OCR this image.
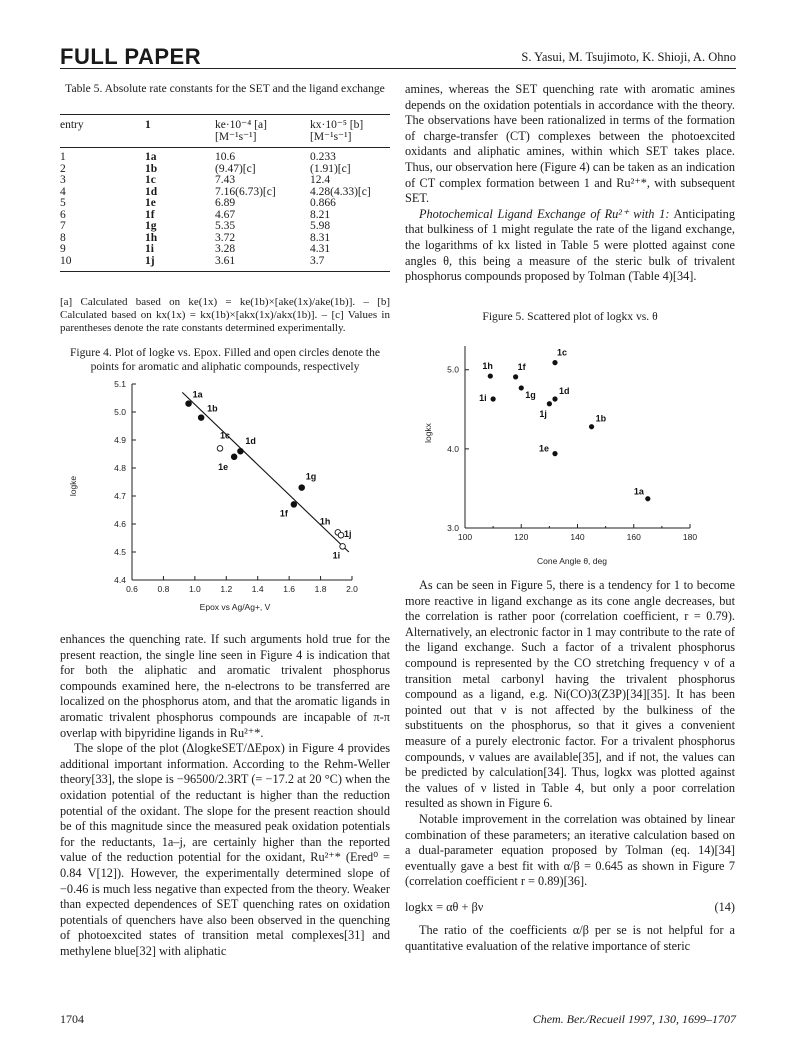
FULL PAPER	S. Yasui, M. Tsujimoto, K. Shioji, A. Ohno
Table 5. Absolute rate constants for the SET and the ligand exchange
entry	1	ke·10⁻⁴ [a]	kx·10⁻⁵ [b]
		[M⁻¹s⁻¹]	[M⁻¹s⁻¹]
1	1a	10.6	0.233
2	1b	(9.47)[c]	(1.91)[c]
3	1c	7.43	12.4
4	1d	7.16(6.73)[c]	4.28(4.33)[c]
5	1e	6.89	0.866
6	1f	4.67	8.21
7	1g	5.35	5.98
8	1h	3.72	8.31
9	1i	3.28	4.31
10	1j	3.61	3.7
[a] Calculated based on ke(1x) = ke(1b)×[ake(1x)/ake(1b)]. – [b] Calculated based on kx(1x) = kx(1b)×[akx(1x)/akx(1b)]. – [c] Values in parentheses denote the rate constants determined experimentally.
Figure 4. Plot of logke vs. Epox. Filled and open circles denote the points for aromatic and aliphatic compounds, respectively
0.6 0.8 1.0 1.2 1.4 1.6 1.8 2.0
4.4
4.5
4.6
4.7
4.8
4.9
5.0
5.1
1a
1b
1c
1d
1e
1f
1g
1h
1i
1j
Epox vs Ag/Ag+, V
logke

enhances the quenching rate. If such arguments hold true for the present reaction, the single line seen in Figure 4 is indication that for both the aliphatic and aromatic trivalent phosphorus compounds examined here, the n-electrons to be transferred are localized on the phosphorus atom, and that the aromatic ligands in aromatic trivalent phosphorus compounds are incapable of π-π overlap with bipyridine ligands in Ru²⁺*.

The slope of the plot (ΔlogkeSET/ΔEpox) in Figure 4 provides additional important information. According to the Rehm-Weller theory[33], the slope is −96500/2.3RT (= −17.2 at 20 °C) when the oxidation potential of the reductant is higher than the reduction potential of the oxidant. The slope for the present reaction should be of this magnitude since the measured peak oxidation potentials for the reductants, 1a–j, are certainly higher than the reported value of the reduction potential for the oxidant, Ru²⁺* (Ered⁰ = 0.84 V[12]). However, the experimentally determined slope of −0.46 is much less negative than expected from the theory. Weaker than expected dependences of SET quenching rates on oxidation potentials of quenchers have also been observed in the quenching of photoexcited states of transition metal complexes[31] and methylene blue[32] with aliphatic

amines, whereas the SET quenching rate with aromatic amines depends on the oxidation potentials in accordance with the theory. The observations have been rationalized in terms of the formation of charge-transfer (CT) complexes between the photoexcited oxidants and aliphatic amines, within which SET takes place. Thus, our observation here (Figure 4) can be taken as an indication of CT complex formation between 1 and Ru²⁺*, with subsequent SET.

Photochemical Ligand Exchange of Ru²⁺ with 1: Anticipating that bulkiness of 1 might regulate the rate of the ligand exchange, the logarithms of kx listed in Table 5 were plotted against cone angles θ, this being a measure of the steric bulk of trivalent phosphorus compounds proposed by Tolman (Table 4)[34].

Figure 5. Scattered plot of logkx vs. θ
100	120	140	160	180
3.0
4.0
5.0	1h	1f
1c
1i	1g	1d
1j	1b
1e
1a
Cone Angle θ, deg
logkx

As can be seen in Figure 5, there is a tendency for 1 to become more reactive in ligand exchange as its cone angle decreases, but the correlation is rather poor (correlation coefficient, r = 0.79). Alternatively, an electronic factor in 1 may contribute to the rate of the ligand exchange. Such a factor of a trivalent phosphorus compound is represented by the CO stretching frequency ν of a transition metal carbonyl having the trivalent phosphorus compound as a ligand, e.g. Ni(CO)3(Z3P)[34][35]. It has been pointed out that ν is not affected by the bulkiness of the substituents on the phosphorus, so that it gives a convenient measure of a purely electronic factor. For a trivalent phosphorus compounds, ν values are available[35], and if not, the values can be predicted by calculation[34]. Thus, logkx was plotted against the values of ν listed in Table 4, but only a poor correlation resulted as shown in Figure 6.

Notable improvement in the correlation was obtained by linear combination of these parameters; an iterative calculation based on a dual-parameter equation proposed by Tolman (eq. 14)[34] eventually gave a best fit with α/β = 0.645 as shown in Figure 7 (correlation coefficient r = 0.89)[36].

logkx = αθ + βν	(14)

The ratio of the coefficients α/β per se is not helpful for a quantitative evaluation of the relative importance of steric

1704	Chem. Ber./Recueil 1997, 130, 1699–1707
